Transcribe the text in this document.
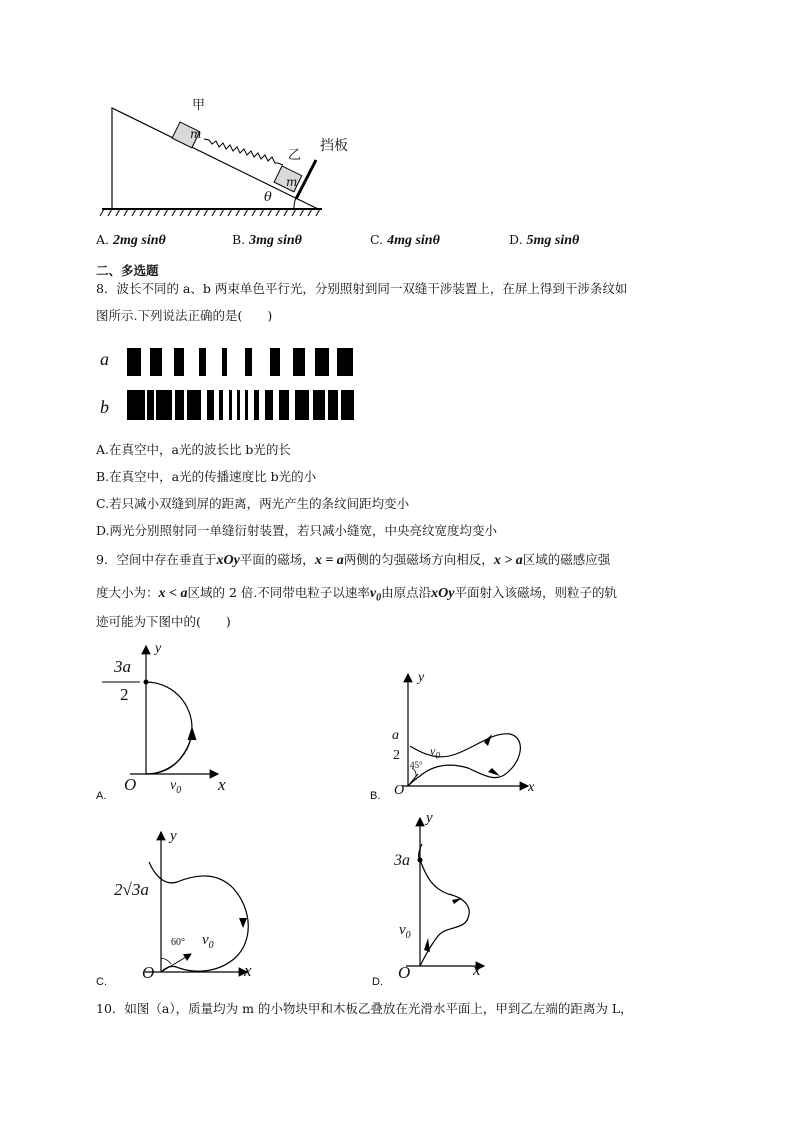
甲
乙
挡板
m
m
θ
A. 2mg sinθ	B. 3mg sinθ	C. 4mg sinθ	D. 5mg sinθ
二、多选题
8．波长不同的 a、b 两束单色平行光，分别照射到同一双缝干涉装置上，在屏上得到干涉条纹如
图所示.下列说法正确的是(　　)
a
b
A.在真空中，a光的波长比 b光的长
B.在真空中，a光的传播速度比 b光的小
C.若只减小双缝到屏的距离，两光产生的条纹间距均变小
D.两光分别照射同一单缝衍射装置，若只减小缝宽，中央亮纹宽度均变小
9．空间中存在垂直于xOy平面的磁场，x = a两侧的匀强磁场方向相反，x > a区域的磁感应强
度大小为：x < a区域的 2 倍.不同带电粒子以速率$v_0$由原点沿xOy平面射入该磁场，则粒子的轨
迹可能为下图中的(　　)
y
3a
2
O	x
$v_0$
A.
y
a
2	$v_0$
45°
O	x
B.
y
2√3a
60° $v_0$
O	x
C.
y
3a
$v_0$
O	x
D.
10．如图（a），质量均为 m 的小物块甲和木板乙叠放在光滑水平面上，甲到乙左端的距离为 L，
